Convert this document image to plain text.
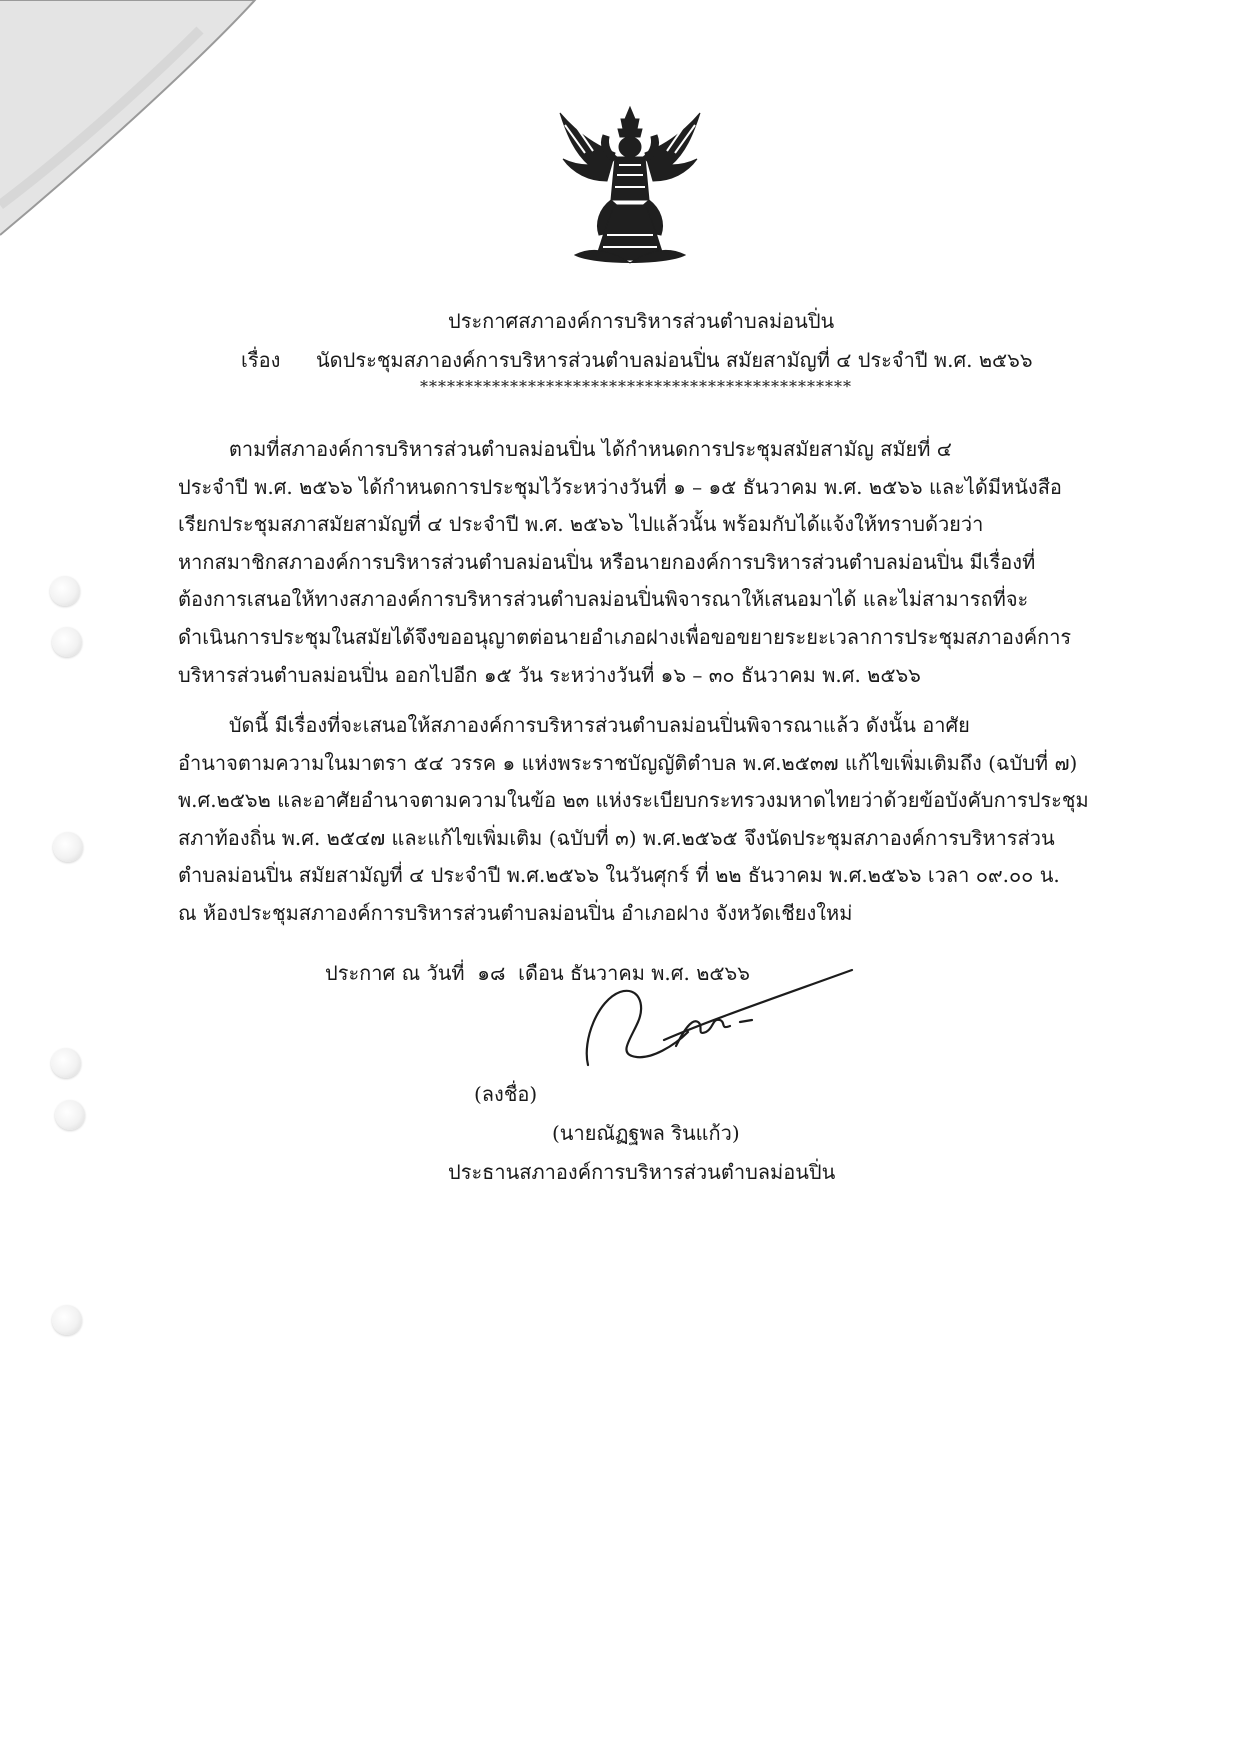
ประกาศสภาองค์การบริหารส่วนตำบลม่อนปิ่น
เรื่อง นัดประชุมสภาองค์การบริหารส่วนตำบลม่อนปิ่น สมัยสามัญที่ ๔ ประจำปี พ.ศ. ๒๕๖๖
************************************************
ตามที่สภาองค์การบริหารส่วนตำบลม่อนปิ่น ได้กำหนดการประชุมสมัยสามัญ สมัยที่ ๔
ประจำปี พ.ศ. ๒๕๖๖ ได้กำหนดการประชุมไว้ระหว่างวันที่ ๑ – ๑๕ ธันวาคม พ.ศ. ๒๕๖๖ และได้มีหนังสือ
เรียกประชุมสภาสมัยสามัญที่ ๔ ประจำปี พ.ศ. ๒๕๖๖ ไปแล้วนั้น พร้อมกับได้แจ้งให้ทราบด้วยว่า
หากสมาชิกสภาองค์การบริหารส่วนตำบลม่อนปิ่น หรือนายกองค์การบริหารส่วนตำบลม่อนปิ่น มีเรื่องที่
ต้องการเสนอให้ทางสภาองค์การบริหารส่วนตำบลม่อนปิ่นพิจารณาให้เสนอมาได้ และไม่สามารถที่จะ
ดำเนินการประชุมในสมัยได้จึงขออนุญาตต่อนายอำเภอฝางเพื่อขอขยายระยะเวลาการประชุมสภาองค์การ
บริหารส่วนตำบลม่อนปิ่น ออกไปอีก ๑๕ วัน ระหว่างวันที่ ๑๖ – ๓๐ ธันวาคม พ.ศ. ๒๕๖๖
บัดนี้ มีเรื่องที่จะเสนอให้สภาองค์การบริหารส่วนตำบลม่อนปิ่นพิจารณาแล้ว ดังนั้น อาศัย
อำนาจตามความในมาตรา ๕๔ วรรค ๑ แห่งพระราชบัญญัติตำบล พ.ศ.๒๕๓๗ แก้ไขเพิ่มเติมถึง (ฉบับที่ ๗)
พ.ศ.๒๕๖๒ และอาศัยอำนาจตามความในข้อ ๒๓ แห่งระเบียบกระทรวงมหาดไทยว่าด้วยข้อบังคับการประชุม
สภาท้องถิ่น พ.ศ. ๒๕๔๗ และแก้ไขเพิ่มเติม (ฉบับที่ ๓) พ.ศ.๒๕๖๕ จึงนัดประชุมสภาองค์การบริหารส่วน
ตำบลม่อนปิ่น สมัยสามัญที่ ๔ ประจำปี พ.ศ.๒๕๖๖ ในวันศุกร์ ที่ ๒๒ ธันวาคม พ.ศ.๒๕๖๖ เวลา ๐๙.๐๐ น.
ณ ห้องประชุมสภาองค์การบริหารส่วนตำบลม่อนปิ่น อำเภอฝาง จังหวัดเชียงใหม่
ประกาศ ณ วันที่  ๑๘  เดือน ธันวาคม พ.ศ. ๒๕๖๖
(ลงชื่อ)
(นายณัฏฐพล รินแก้ว)
ประธานสภาองค์การบริหารส่วนตำบลม่อนปิ่น
